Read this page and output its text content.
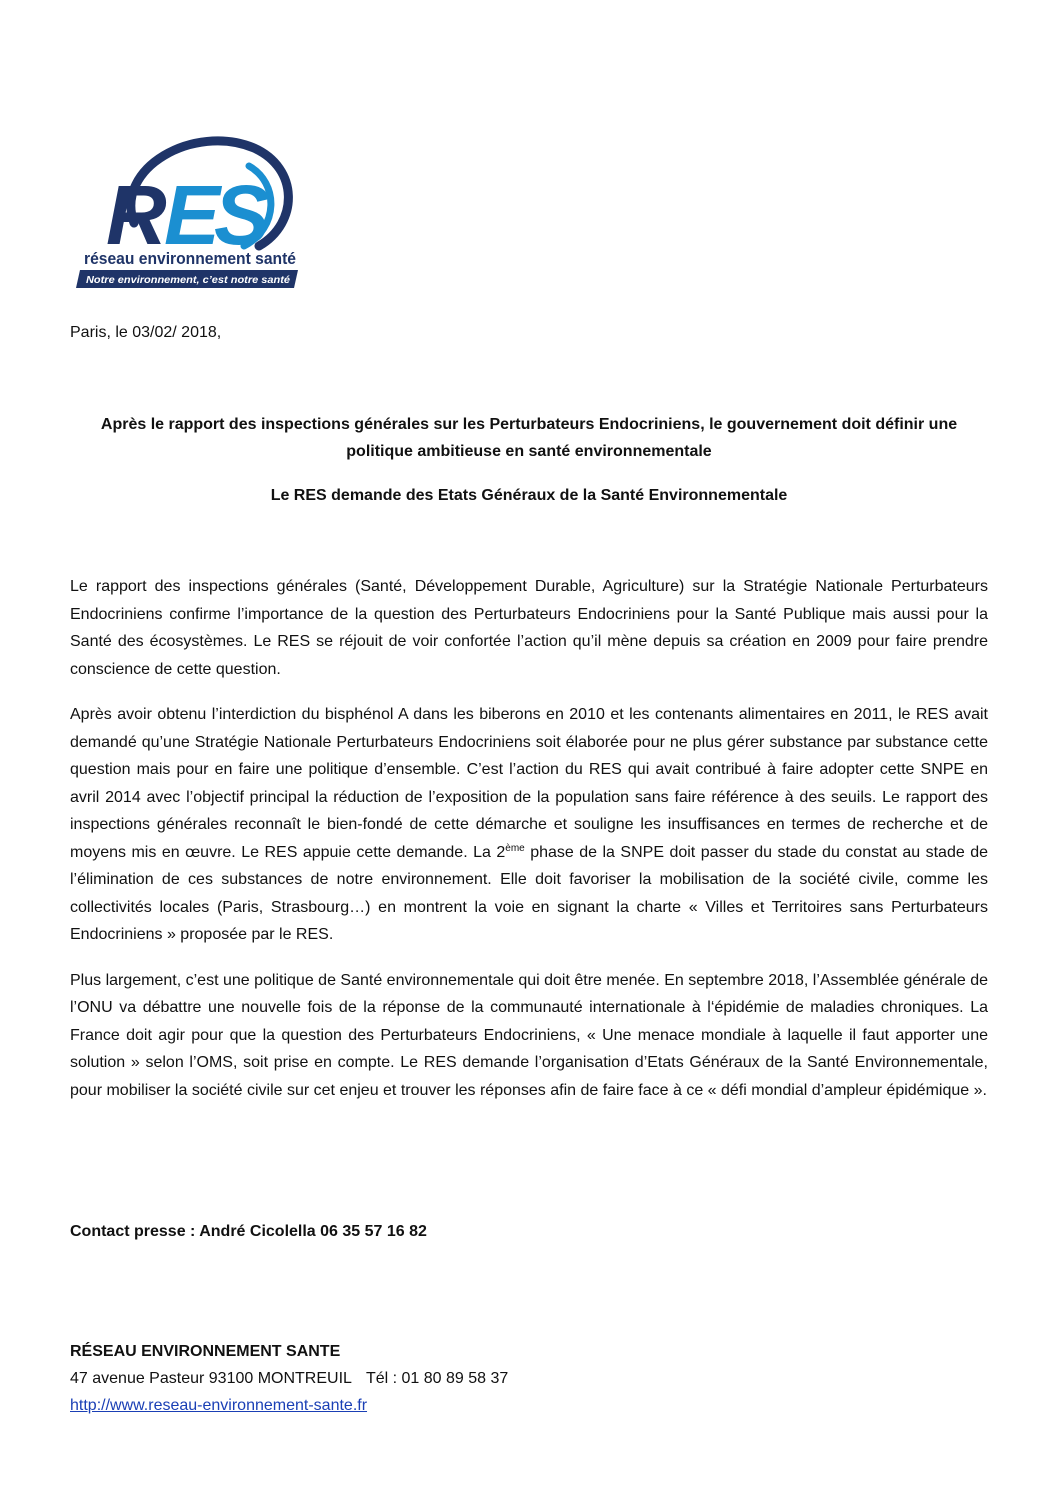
R
E
S
réseau environnement santé
Notre environnement, c’est notre santé
Paris, le 03/02/ 2018,
Après le rapport des inspections générales sur les Perturbateurs Endocriniens, le gouvernement doit définir une politique ambitieuse en santé environnementale
Le RES demande des Etats Généraux de la Santé Environnementale

Le rapport des inspections générales (Santé, Développement Durable, Agriculture) sur la Stratégie Nationale Perturbateurs Endocriniens confirme l’importance de la question des Perturbateurs Endocriniens pour la Santé Publique mais aussi pour la Santé des écosystèmes. Le RES se réjouit de voir confortée l’action qu’il mène depuis sa création en 2009 pour faire prendre conscience de cette question.

Après avoir obtenu l’interdiction du bisphénol A dans les biberons en 2010 et les contenants alimentaires en 2011, le RES avait demandé qu’une Stratégie Nationale Perturbateurs Endocriniens soit élaborée pour ne plus gérer substance par substance cette question mais pour en faire une politique d’ensemble. C’est l’action du RES qui avait contribué à faire adopter cette SNPE en avril 2014 avec l’objectif principal la réduction de l’exposition de la population sans faire référence à des seuils. Le rapport des inspections générales reconnaît le bien-fondé de cette démarche et souligne les insuffisances en termes de recherche et de moyens mis en œuvre. Le RES appuie cette demande. La 2ème phase de la SNPE doit passer du stade du constat au stade de l’élimination de ces substances de notre environnement. Elle doit favoriser la mobilisation de la société civile, comme les collectivités locales (Paris, Strasbourg…) en montrent la voie en signant la charte « Villes et Territoires sans Perturbateurs Endocriniens » proposée par le RES.

Plus largement, c’est une politique de Santé environnementale qui doit être menée. En septembre 2018, l’Assemblée générale de l’ONU va débattre une nouvelle fois de la réponse de la communauté internationale à l‘épidémie de maladies chroniques. La France doit agir pour que la question des Perturbateurs Endocriniens, « Une menace mondiale à laquelle il faut apporter une solution » selon l’OMS, soit prise en compte. Le RES demande l’organisation d’Etats Généraux de la Santé Environnementale, pour mobiliser la société civile sur cet enjeu et trouver les réponses afin de faire face à ce « défi mondial d’ampleur épidémique ».

Contact presse : André Cicolella 06 35 57 16 82
RÉSEAU ENVIRONNEMENT SANTE
47 avenue Pasteur 93100 MONTREUIL Tél : 01 80 89 58 37
http://www.reseau-environnement-sante.fr
